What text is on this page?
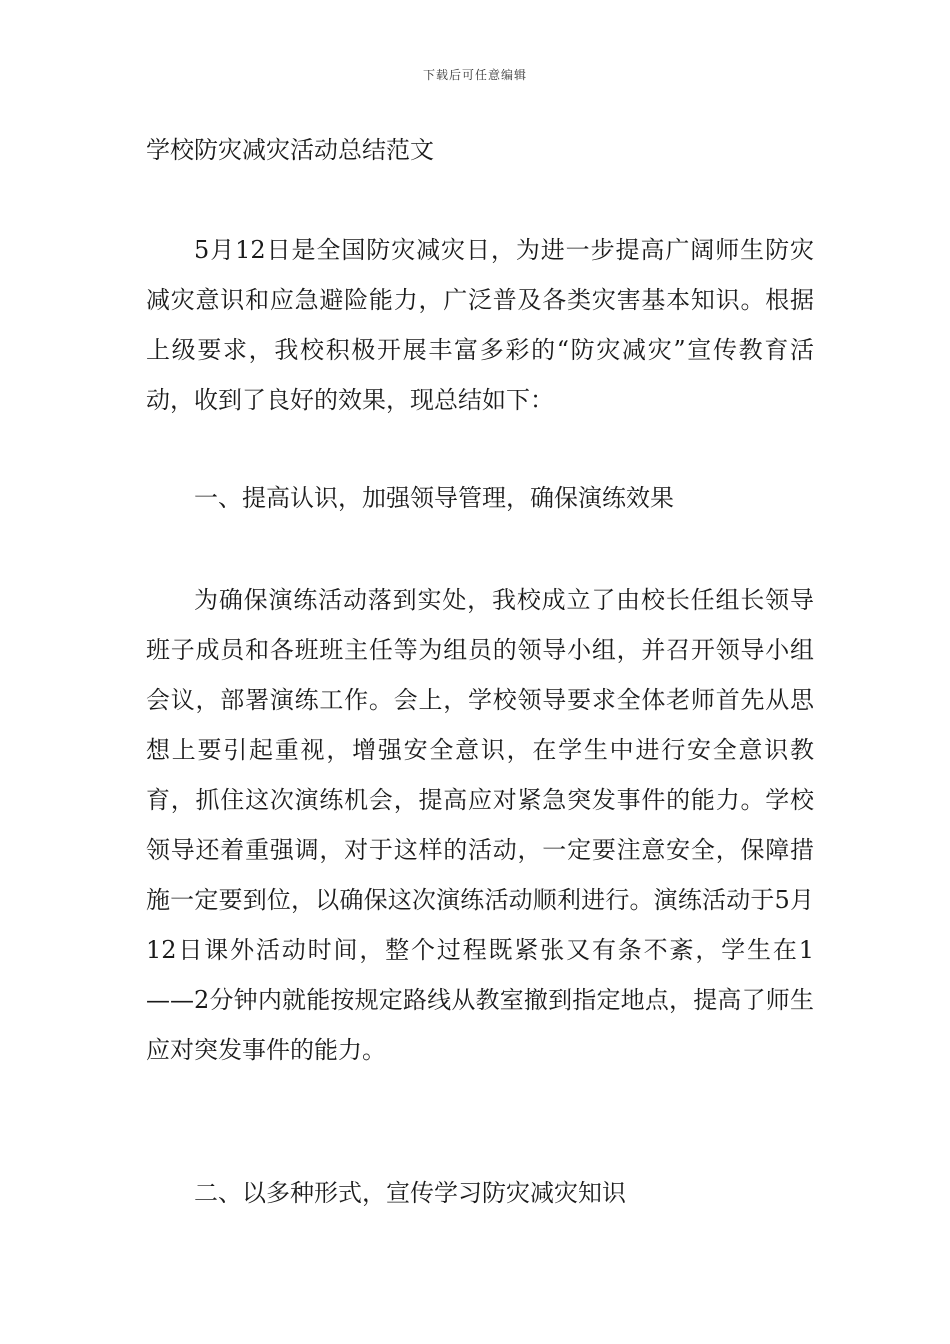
下载后可任意编辑
学校防灾减灾活动总结范文

5月12日是全国防灾减灾日，为进一步提高广阔师生防灾减灾意识和应急避险能力，广泛普及各类灾害基本知识。根据上级要求，我校积极开展丰富多彩的“防灾减灾”宣传教育活动，收到了良好的效果，现总结如下：

一、提高认识，加强领导管理，确保演练效果

为确保演练活动落到实处，我校成立了由校长任组长领导班子成员和各班班主任等为组员的领导小组，并召开领导小组会议，部署演练工作。会上，学校领导要求全体老师首先从思想上要引起重视，增强安全意识，在学生中进行安全意识教育，抓住这次演练机会，提高应对紧急突发事件的能力。学校领导还着重强调，对于这样的活动，一定要注意安全，保障措施一定要到位，以确保这次演练活动顺利进行。演练活动于5月12日课外活动时间，整个过程既紧张又有条不紊，学生在1——2分钟内就能按规定路线从教室撤到指定地点，提高了师生应对突发事件的能力。

二、以多种形式，宣传学习防灾减灾知识
